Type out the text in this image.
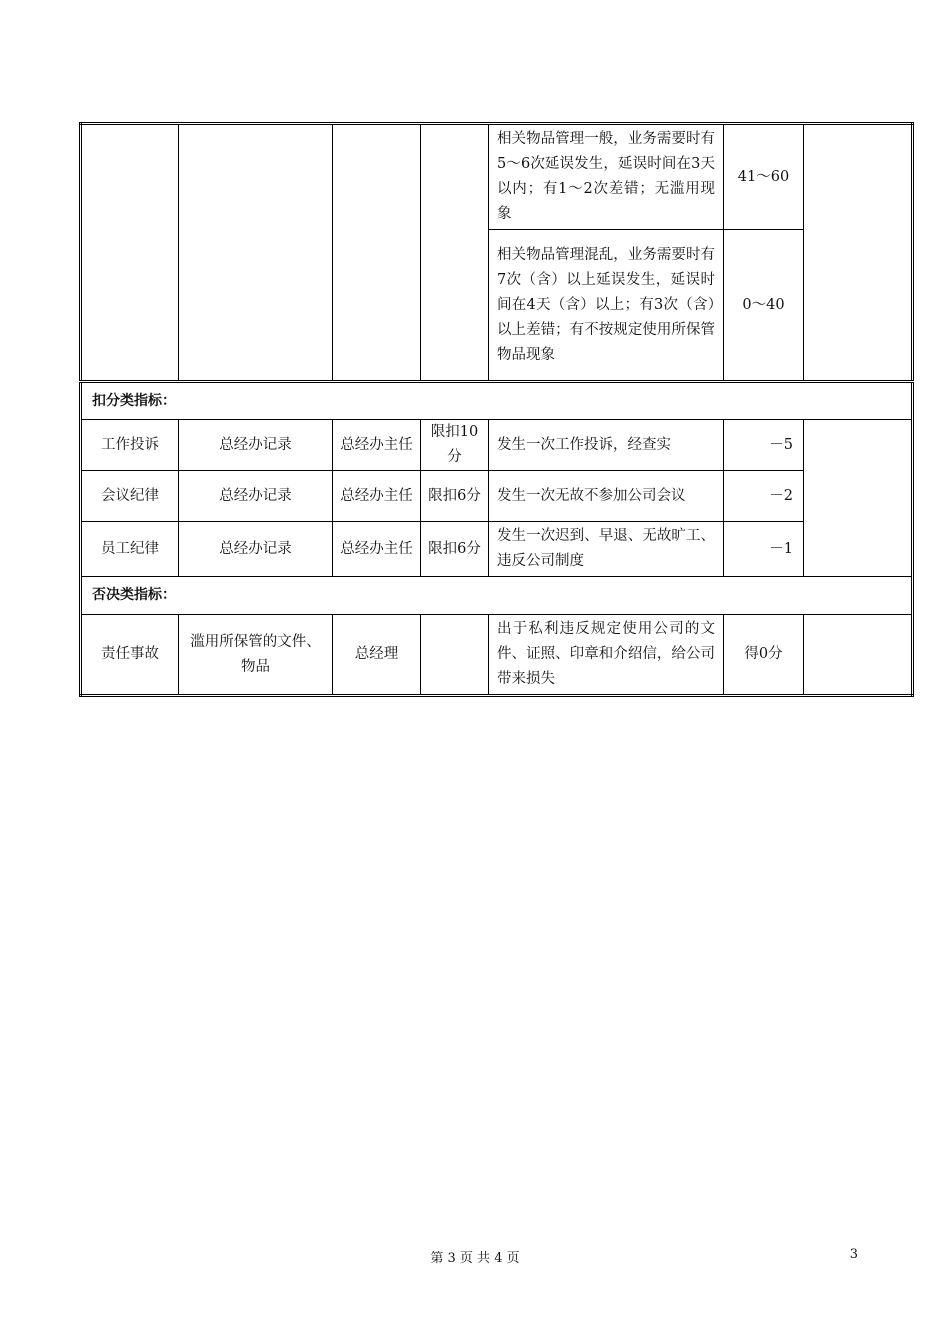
				相关物品管理一般，业务需要时有5～6次延误发生，延误时间在3天以内；有1～2次差错；无滥用现象	41～60	
				相关物品管理混乱，业务需要时有7次（含）以上延误发生，延误时间在4天（含）以上；有3次（含）以上差错；有不按规定使用所保管物品现象	0～40	
扣分类指标：						
工作投诉	总经办记录	总经办主任	限扣10分	发生一次工作投诉，经查实	－5	
会议纪律	总经办记录	总经办主任	限扣6分	发生一次无故不参加公司会议	－2	
员工纪律	总经办记录	总经办主任	限扣6分	发生一次迟到、早退、无故旷工、违反公司制度	－1	
否决类指标：						
责任事故	滥用所保管的文件、物品	总经理		出于私利违反规定使用公司的文件、证照、印章和介绍信，给公司带来损失	得0分	
第 3 页 共 4 页	3
